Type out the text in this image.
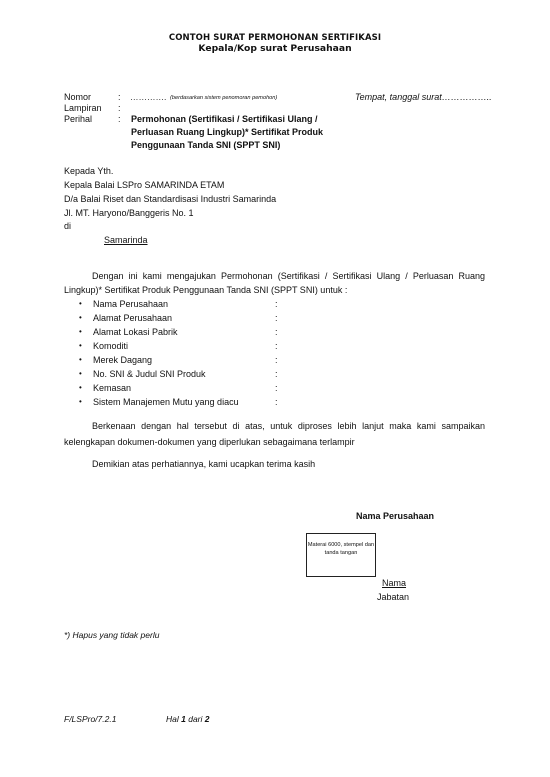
CONTOH SURAT PERMOHONAN SERTIFIKASI
Kepala/Kop surat Perusahaan
Nomor	: …………. (berdasarkan sistem penomoran pemohon)	Tempat, tanggal surat……………..
Lampiran :
Perihal	: Permohonan (Sertifikasi / Sertifikasi Ulang /
Perluasan Ruang Lingkup)* Sertifikat Produk
Penggunaan Tanda SNI (SPPT SNI)
Kepada Yth.
Kepala Balai LSPro SAMARINDA ETAM
D/a Balai Riset dan Standardisasi Industri Samarinda
Jl. MT. Haryono/Banggeris No. 1
di
Samarinda
Dengan ini kami mengajukan Permohonan (Sertifikasi / Sertifikasi Ulang / Perluasan Ruang Lingkup)* Sertifikat Produk Penggunaan Tanda SNI (SPPT SNI) untuk :
• Nama Perusahaan	:
• Alamat Perusahaan	:
• Alamat Lokasi Pabrik	:
• Komoditi	:
• Merek Dagang	:
• No. SNI & Judul SNI Produk	:
• Kemasan	:
• Sistem Manajemen Mutu yang diacu	:
Berkenaan dengan hal tersebut di atas, untuk diproses lebih lanjut maka kami sampaikan kelengkapan dokumen-dokumen yang diperlukan sebagaimana terlampir
Demikian atas perhatiannya, kami ucapkan terima kasih
Nama Perusahaan
Materai 6000, stempel dan tanda tangan
Nama
Jabatan
*) Hapus yang tidak perlu
F/LSPro/7.2.1	Hal 1 dari 2
